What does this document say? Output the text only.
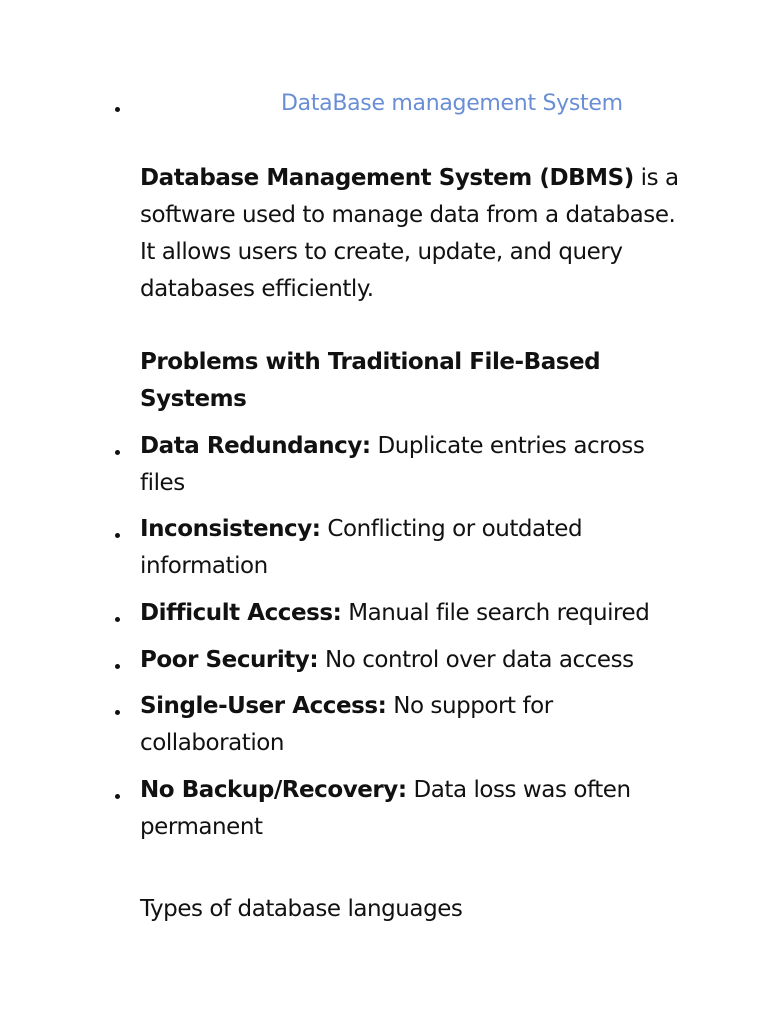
DataBase management System
Database Management System (DBMS) is a software used to manage data from a database.
It allows users to create, update, and query databases efficiently.
Problems with Traditional File-Based Systems
Data Redundancy: Duplicate entries across files
Inconsistency: Conflicting or outdated information
Difficult Access: Manual file search required
Poor Security: No control over data access
Single-User Access: No support for collaboration
No Backup/Recovery: Data loss was often permanent
Types of database languages
